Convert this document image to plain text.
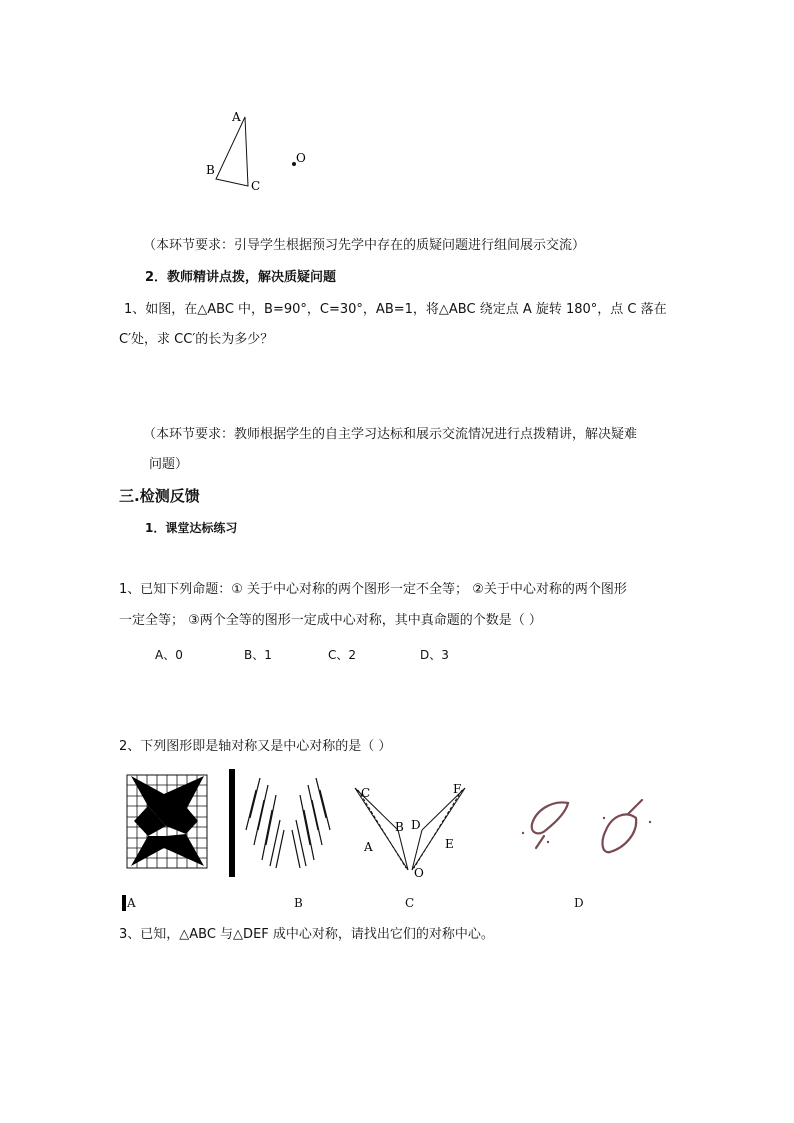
A
B
C
O
（本环节要求：引导学生根据预习先学中存在的质疑问题进行组间展示交流）
2．教师精讲点拨，解决质疑问题
1、如图，在△ABC 中，B=90°，C=30°，AB=1，将△ABC 绕定点 A 旋转 180°，点 C 落在
C′处，求 CC′的长为多少？
（本环节要求：教师根据学生的自主学习达标和展示交流情况进行点拨精讲，解决疑难
问题）
三.检测反馈
1．课堂达标练习
1、已知下列命题：① 关于中心对称的两个图形一定不全等； ②关于中心对称的两个图形
一定全等； ③两个全等的图形一定成中心对称，其中真命题的个数是（ ）
A、0	B、1	C、2	D、3
2、下列图形即是轴对称又是中心对称的是（ ）
C	F
B D
A	E
O
A	B	C	D
3、已知，△ABC 与△DEF 成中心对称，请找出它们的对称中心。
